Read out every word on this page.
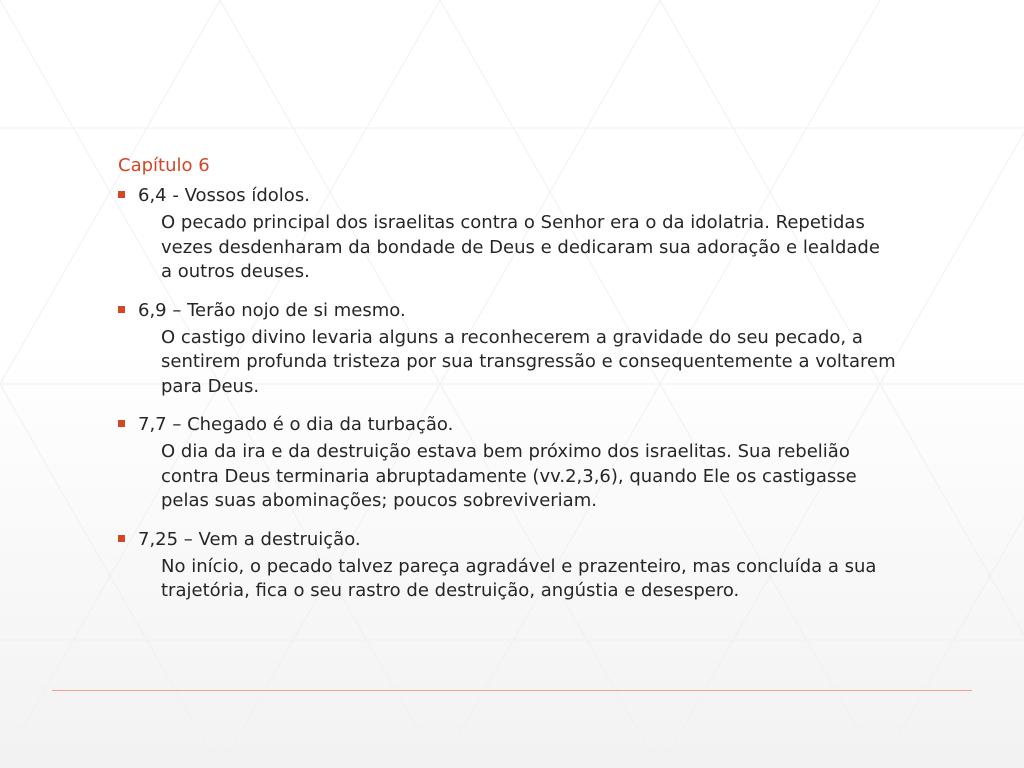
Capítulo 6
6,4 - Vossos ídolos.
O pecado principal dos israelitas contra o Senhor era o da idolatria. Repetidas vezes desdenharam da bondade de Deus e dedicaram sua adoração e lealdade a outros deuses.
6,9 – Terão nojo de si mesmo.
O castigo divino levaria alguns a reconhecerem a gravidade do seu pecado, a sentirem profunda tristeza por sua transgressão e consequentemente a voltarem para Deus.
7,7 – Chegado é o dia da turbação.
O dia da ira e da destruição estava bem próximo dos israelitas. Sua rebelião contra Deus terminaria abruptadamente (vv.2,3,6), quando Ele os castigasse pelas suas abominações; poucos sobreviveriam.
7,25 – Vem a destruição.
No início, o pecado talvez pareça agradável e prazenteiro, mas concluída a sua trajetória, fica o seu rastro de destruição, angústia e desespero.
